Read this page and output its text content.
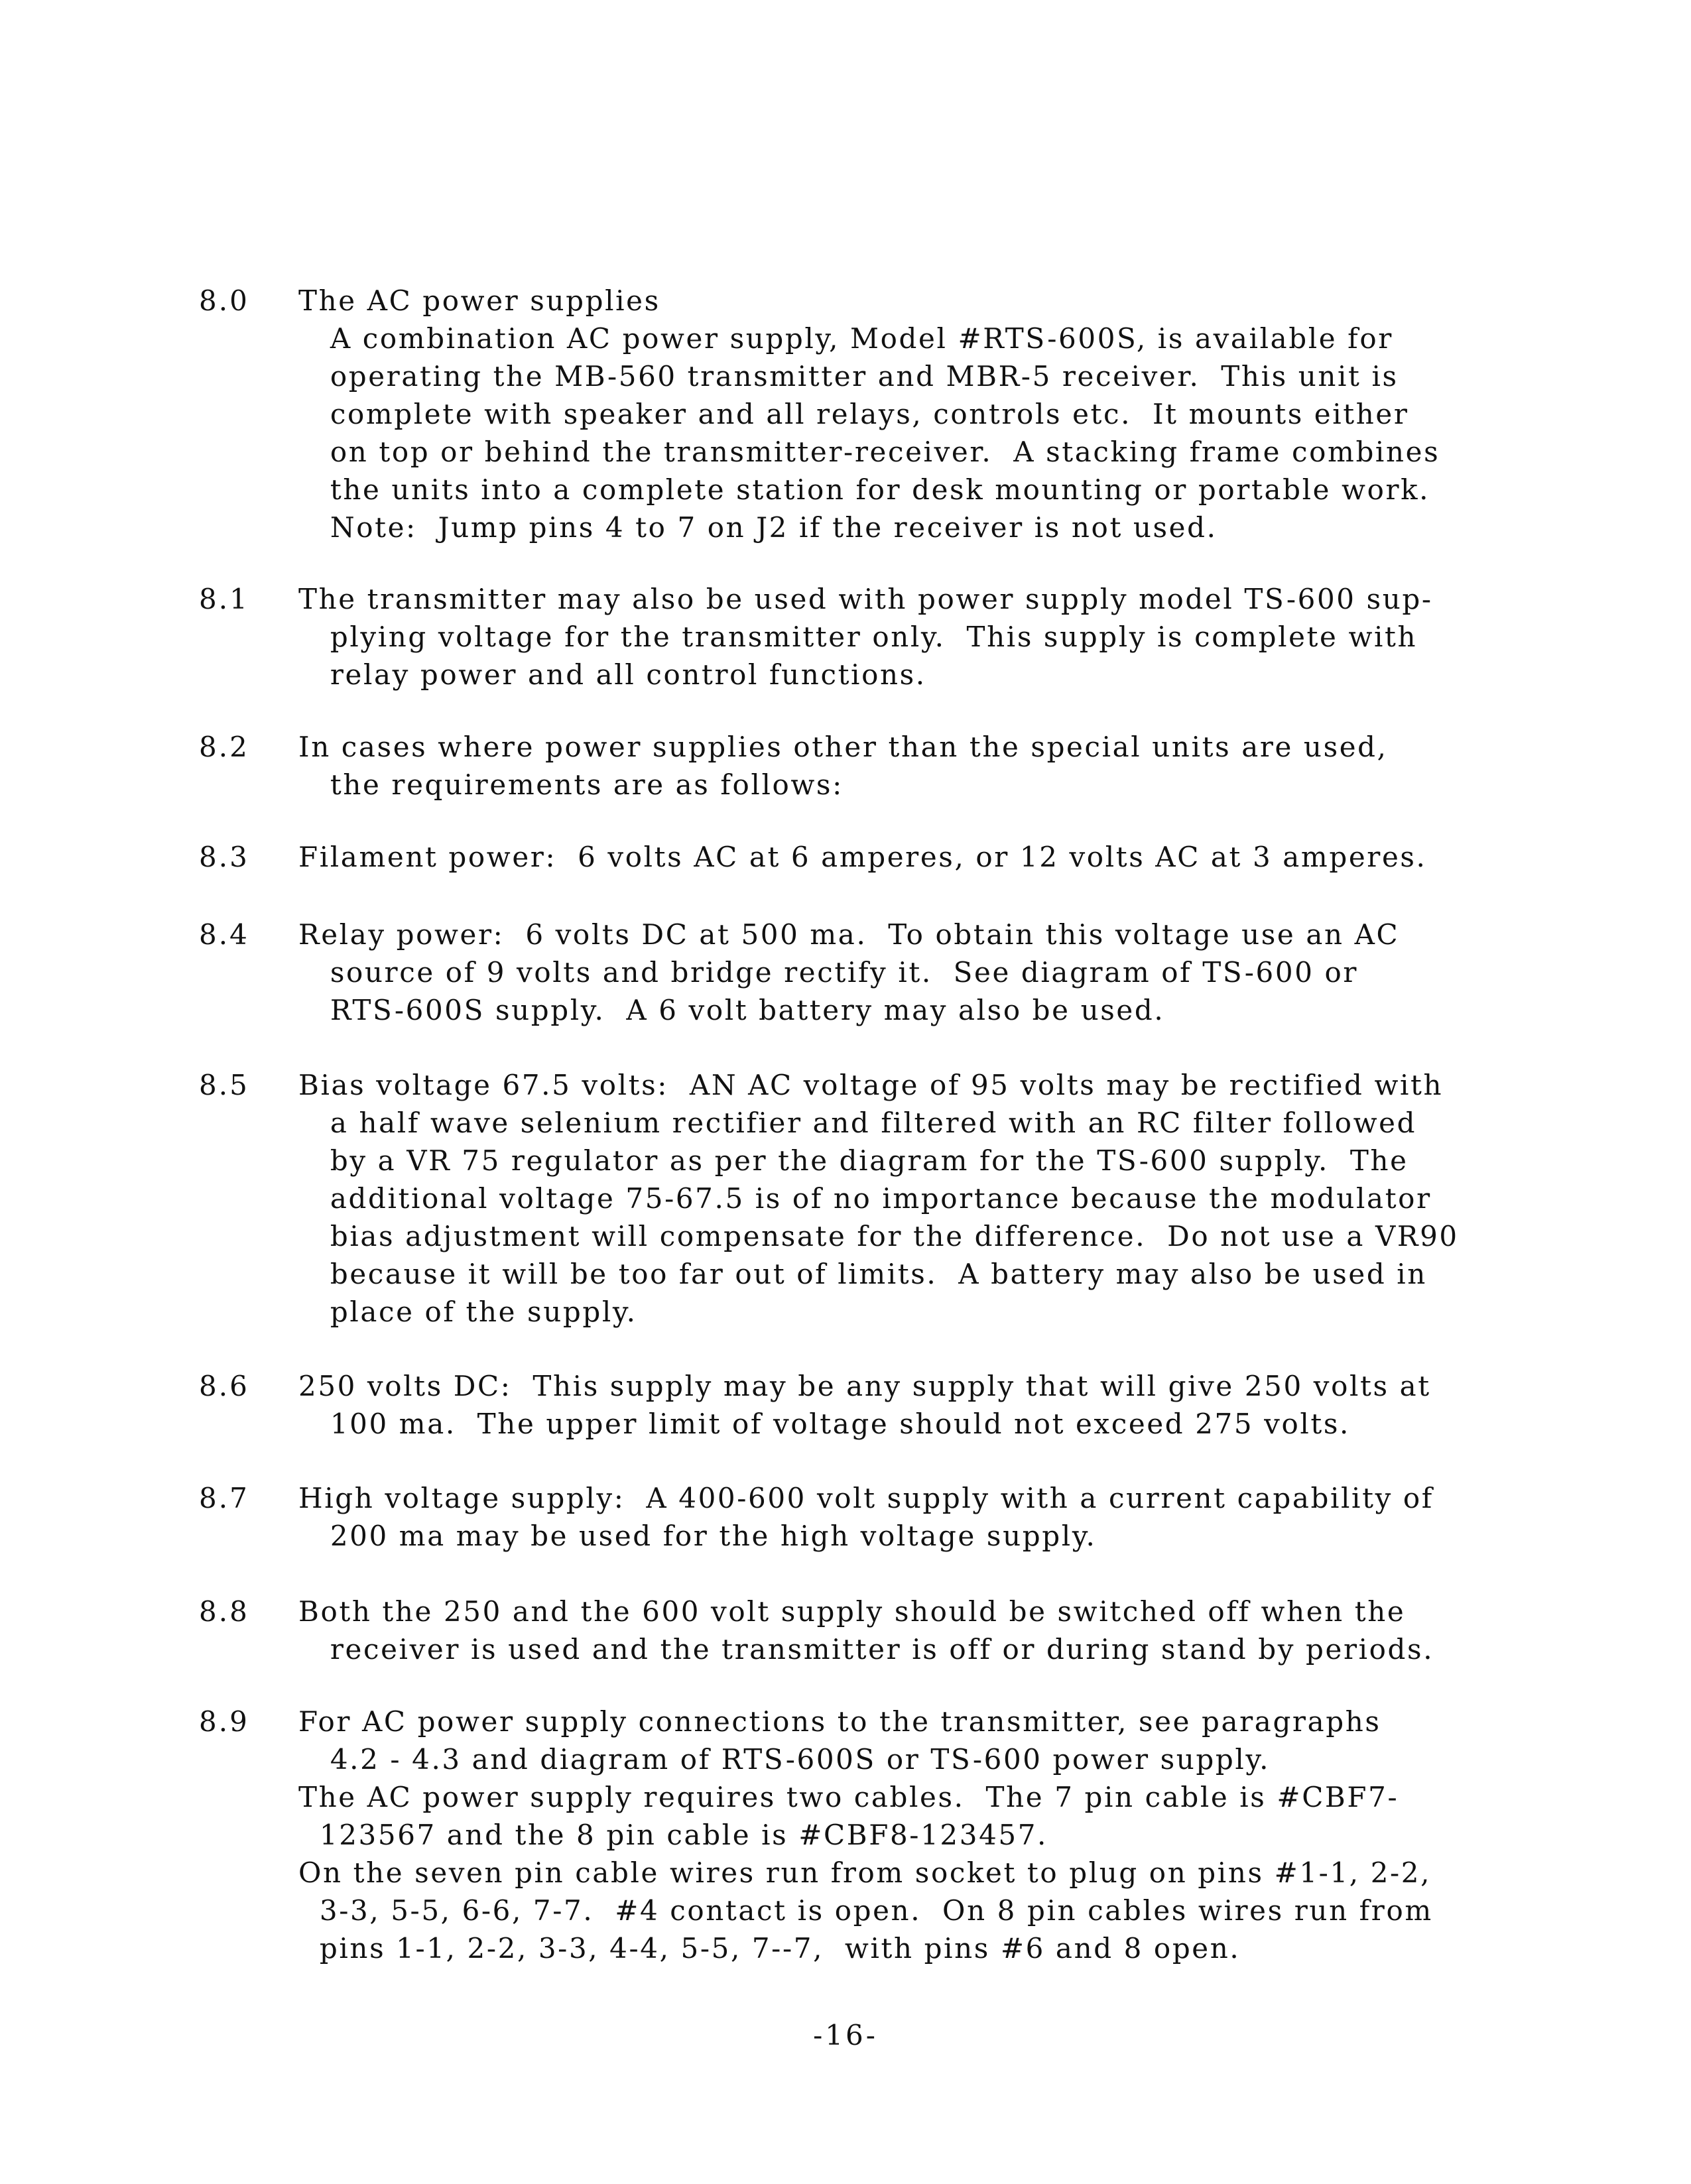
8.0 The AC power supplies
A combination AC power supply, Model #RTS-600S, is available for
operating the MB-560 transmitter and MBR-5 receiver.  This unit is
complete with speaker and all relays, controls etc.  It mounts either
on top or behind the transmitter-receiver.  A stacking frame combines
the units into a complete station for desk mounting or portable work.
Note:  Jump pins 4 to 7 on J2 if the receiver is not used.
8.1 The transmitter may also be used with power supply model TS-600 sup-
plying voltage for the transmitter only.  This supply is complete with
relay power and all control functions.
8.2 In cases where power supplies other than the special units are used,
the requirements are as follows:
8.3 Filament power:  6 volts AC at 6 amperes, or 12 volts AC at 3 amperes.
8.4 Relay power:  6 volts DC at 500 ma.  To obtain this voltage use an AC
source of 9 volts and bridge rectify it.  See diagram of TS-600 or
RTS-600S supply.  A 6 volt battery may also be used.
8.5 Bias voltage 67.5 volts:  AN AC voltage of 95 volts may be rectified with
a half wave selenium rectifier and filtered with an RC filter followed
by a VR 75 regulator as per the diagram for the TS-600 supply.  The
additional voltage 75-67.5 is of no importance because the modulator
bias adjustment will compensate for the difference.  Do not use a VR90
because it will be too far out of limits.  A battery may also be used in
place of the supply.
8.6 250 volts DC:  This supply may be any supply that will give 250 volts at
100 ma.  The upper limit of voltage should not exceed 275 volts.
8.7 High voltage supply:  A 400-600 volt supply with a current capability of
200 ma may be used for the high voltage supply.
8.8 Both the 250 and the 600 volt supply should be switched off when the
receiver is used and the transmitter is off or during stand by periods.
8.9 For AC power supply connections to the transmitter, see paragraphs
4.2 - 4.3 and diagram of RTS-600S or TS-600 power supply.
The AC power supply requires two cables.  The 7 pin cable is #CBF7-
123567 and the 8 pin cable is #CBF8-123457.
On the seven pin cable wires run from socket to plug on pins #1-1, 2-2,
3-3, 5-5, 6-6, 7-7.  #4 contact is open.  On 8 pin cables wires run from
pins 1-1, 2-2, 3-3, 4-4, 5-5, 7--7,  with pins #6 and 8 open.
-16-
